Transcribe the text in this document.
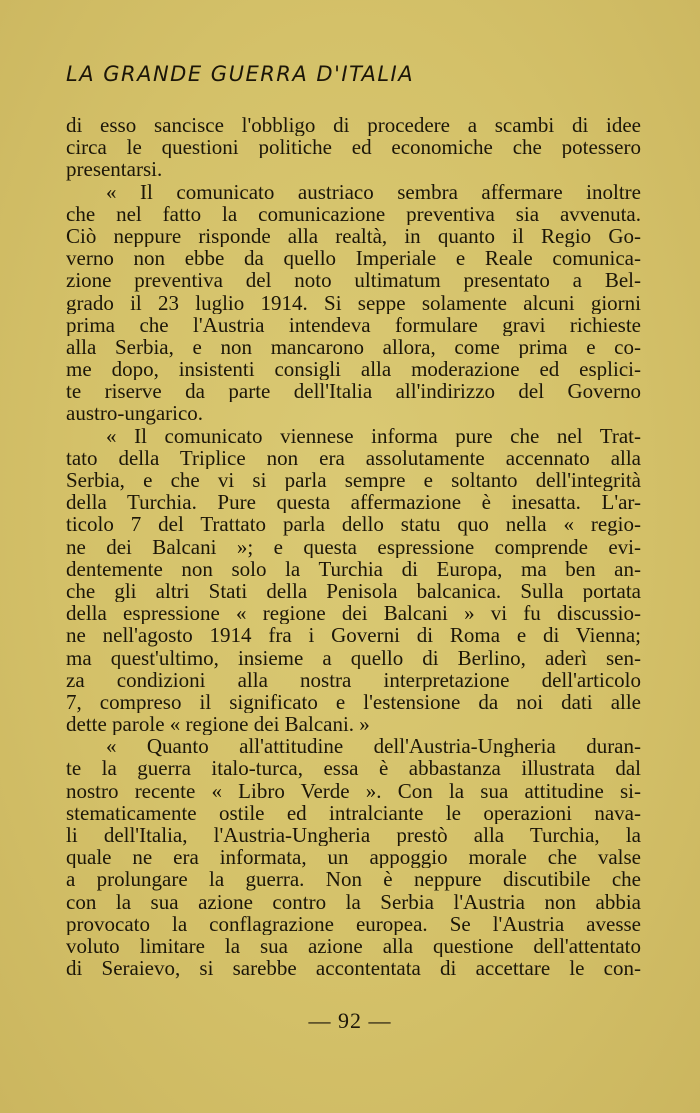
LA GRANDE GUERRA D'ITALIA
di esso sancisce l'obbligo di procedere a scambi di idee
circa le questioni politiche ed economiche che potessero
presentarsi.
« Il comunicato austriaco sembra affermare inoltre
che nel fatto la comunicazione preventiva sia avvenuta.
Ciò neppure risponde alla realtà, in quanto il Regio Go-
verno non ebbe da quello Imperiale e Reale comunica-
zione preventiva del noto ultimatum presentato a Bel-
grado il 23 luglio 1914. Si seppe solamente alcuni giorni
prima che l'Austria intendeva formulare gravi richieste
alla Serbia, e non mancarono allora, come prima e co-
me dopo, insistenti consigli alla moderazione ed esplici-
te riserve da parte dell'Italia all'indirizzo del Governo
austro-ungarico.
« Il comunicato viennese informa pure che nel Trat-
tato della Triplice non era assolutamente accennato alla
Serbia, e che vi si parla sempre e soltanto dell'integrità
della Turchia. Pure questa affermazione è inesatta. L'ar-
ticolo 7 del Trattato parla dello statu quo nella « regio-
ne dei Balcani »; e questa espressione comprende evi-
dentemente non solo la Turchia di Europa, ma ben an-
che gli altri Stati della Penisola balcanica. Sulla portata
della espressione « regione dei Balcani » vi fu discussio-
ne nell'agosto 1914 fra i Governi di Roma e di Vienna;
ma quest'ultimo, insieme a quello di Berlino, aderì sen-
za condizioni alla nostra interpretazione dell'articolo
7, compreso il significato e l'estensione da noi dati alle
dette parole « regione dei Balcani. »
« Quanto all'attitudine dell'Austria-Ungheria duran-
te la guerra italo-turca, essa è abbastanza illustrata dal
nostro recente « Libro Verde ». Con la sua attitudine si-
stematicamente ostile ed intralciante le operazioni nava-
li dell'Italia, l'Austria-Ungheria prestò alla Turchia, la
quale ne era informata, un appoggio morale che valse
a prolungare la guerra. Non è neppure discutibile che
con la sua azione contro la Serbia l'Austria non abbia
provocato la conflagrazione europea. Se l'Austria avesse
voluto limitare la sua azione alla questione dell'attentato
di Seraievo, si sarebbe accontentata di accettare le con-
— 92 —
